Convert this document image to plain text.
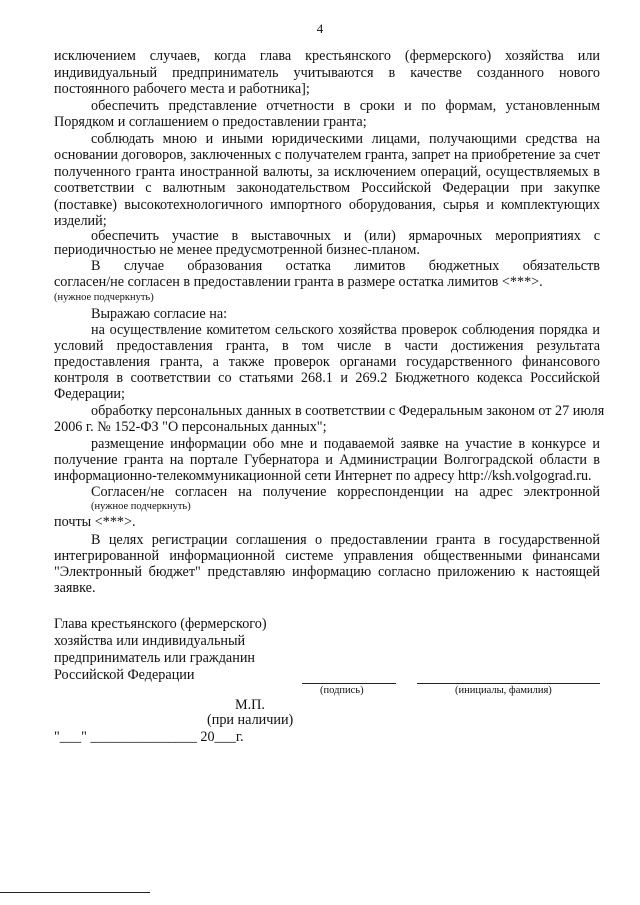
4
исключением случаев, когда глава крестьянского (фермерского) хозяйства или
индивидуальный предприниматель учитываются в качестве созданного нового
постоянного рабочего места и работника];
обеспечить представление отчетности в сроки и по формам, установленным
Порядком и соглашением о предоставлении гранта;
соблюдать мною и иными юридическими лицами, получающими средства на
основании договоров, заключенных с получателем гранта, запрет на приобретение за счет
полученного гранта иностранной валюты, за исключением операций, осуществляемых в
соответствии с валютным законодательством Российской Федерации при закупке
(поставке) высокотехнологичного импортного оборудования, сырья и комплектующих
изделий;
обеспечить участие в выставочных и (или) ярмарочных мероприятиях с
периодичностью не менее предусмотренной бизнес-планом.
В случае образования остатка лимитов бюджетных обязательств
согласен/не согласен в предоставлении гранта в размере остатка лимитов <***>.
(нужное подчеркнуть)
Выражаю согласие на:
на осуществление комитетом сельского хозяйства проверок соблюдения порядка и
условий предоставления гранта, в том числе в части достижения результата
предоставления гранта, а также проверок органами государственного финансового
контроля в соответствии со статьями 268.1 и 269.2 Бюджетного кодекса Российской
Федерации;
обработку персональных данных в соответствии с Федеральным законом от 27 июля
2006 г. № 152-ФЗ "О персональных данных";
размещение информации обо мне и подаваемой заявке на участие в конкурсе и
получение гранта на портале Губернатора и Администрации Волгоградской области в
информационно-телекоммуникационной сети Интернет по адресу http://ksh.volgograd.ru.
Согласен/не согласен на получение корреспонденции на адрес электронной
(нужное подчеркнуть)
почты <***>.
В целях регистрации соглашения о предоставлении гранта в государственной
интегрированной информационной системе управления общественными финансами
"Электронный бюджет" представляю информацию согласно приложению к настоящей
заявке.
Глава крестьянского (фермерского)
хозяйства или индивидуальный
предприниматель или гражданин
Российской Федерации
(подпись)	(инициалы, фамилия)
М.П.
(при наличии)
"___" _______________ 20___г.
